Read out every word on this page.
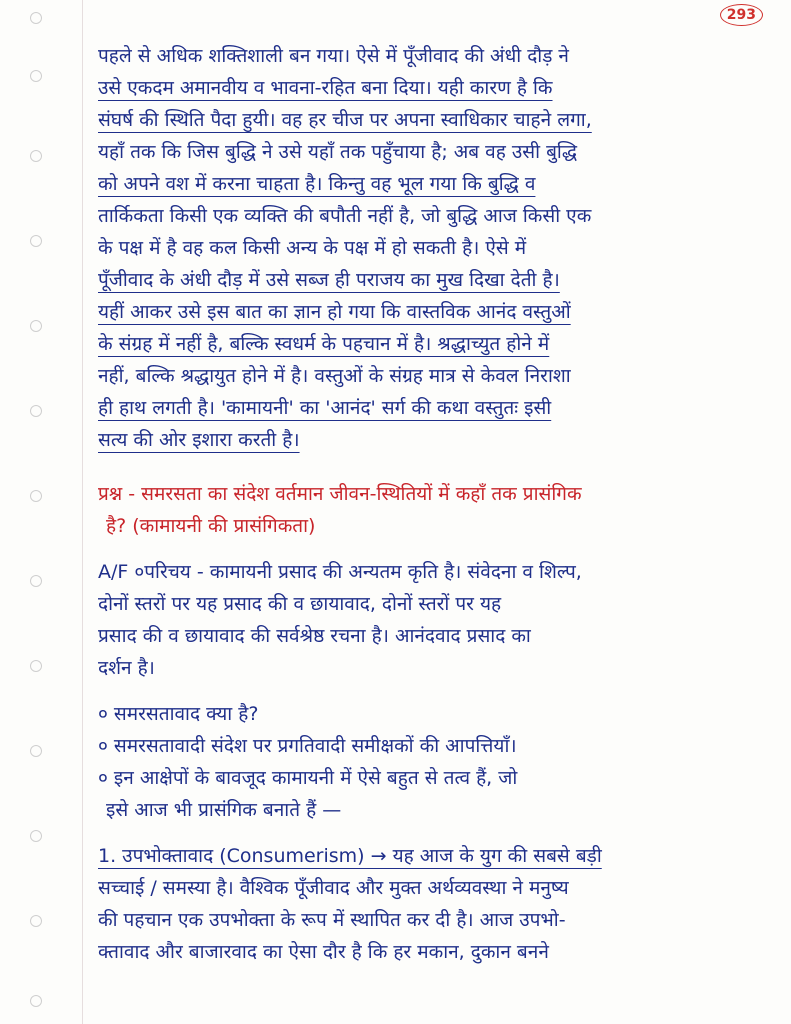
293
पहले से अधिक शक्तिशाली बन गया। ऐसे में पूँजीवाद की अंधी दौड़ ने
उसे एकदम अमानवीय व भावना-रहित बना दिया। यही कारण है कि
संघर्ष की स्थिति पैदा हुयी। वह हर चीज पर अपना स्वाधिकार चाहने लगा,
यहाँ तक कि जिस बुद्धि ने उसे यहाँ तक पहुँचाया है; अब वह उसी बुद्धि
को अपने वश में करना चाहता है। किन्तु वह भूल गया कि बुद्धि व
तार्किकता किसी एक व्यक्ति की बपौती नहीं है, जो बुद्धि आज किसी एक
के पक्ष में है वह कल किसी अन्य के पक्ष में हो सकती है। ऐसे में
पूँजीवाद के अंधी दौड़ में उसे सब्ज ही पराजय का मुख दिखा देती है।
यहीं आकर उसे इस बात का ज्ञान हो गया कि वास्तविक आनंद वस्तुओं
के संग्रह में नहीं है, बल्कि स्वधर्म के पहचान में है। श्रद्धाच्युत होने में
नहीं, बल्कि श्रद्धायुत होने में है। वस्तुओं के संग्रह मात्र से केवल निराशा
ही हाथ लगती है। 'कामायनी' का 'आनंद' सर्ग की कथा वस्तुतः इसी
सत्य की ओर इशारा करती है।
प्रश्न - समरसता का संदेश वर्तमान जीवन-स्थितियों में कहाँ तक प्रासंगिक
है? (कामायनी की प्रासंगिकता)
A/F ०परिचय - कामायनी प्रसाद की अन्यतम कृति है। संवेदना व शिल्प,
दोनों स्तरों पर यह प्रसाद की व छायावाद, दोनों स्तरों पर यह
प्रसाद की व छायावाद की सर्वश्रेष्ठ रचना है। आनंदवाद प्रसाद का
दर्शन है।
० समरसतावाद क्या है?
० समरसतावादी संदेश पर प्रगतिवादी समीक्षकों की आपत्तियाँ।
० इन आक्षेपों के बावजूद कामायनी में ऐसे बहुत से तत्व हैं, जो
इसे आज भी प्रासंगिक बनाते हैं —
1. उपभोक्तावाद (Consumerism) → यह आज के युग की सबसे बड़ी
सच्चाई / समस्या है। वैश्विक पूँजीवाद और मुक्त अर्थव्यवस्था ने मनुष्य
की पहचान एक उपभोक्ता के रूप में स्थापित कर दी है। आज उपभो-
क्तावाद और बाजारवाद का ऐसा दौर है कि हर मकान, दुकान बनने
